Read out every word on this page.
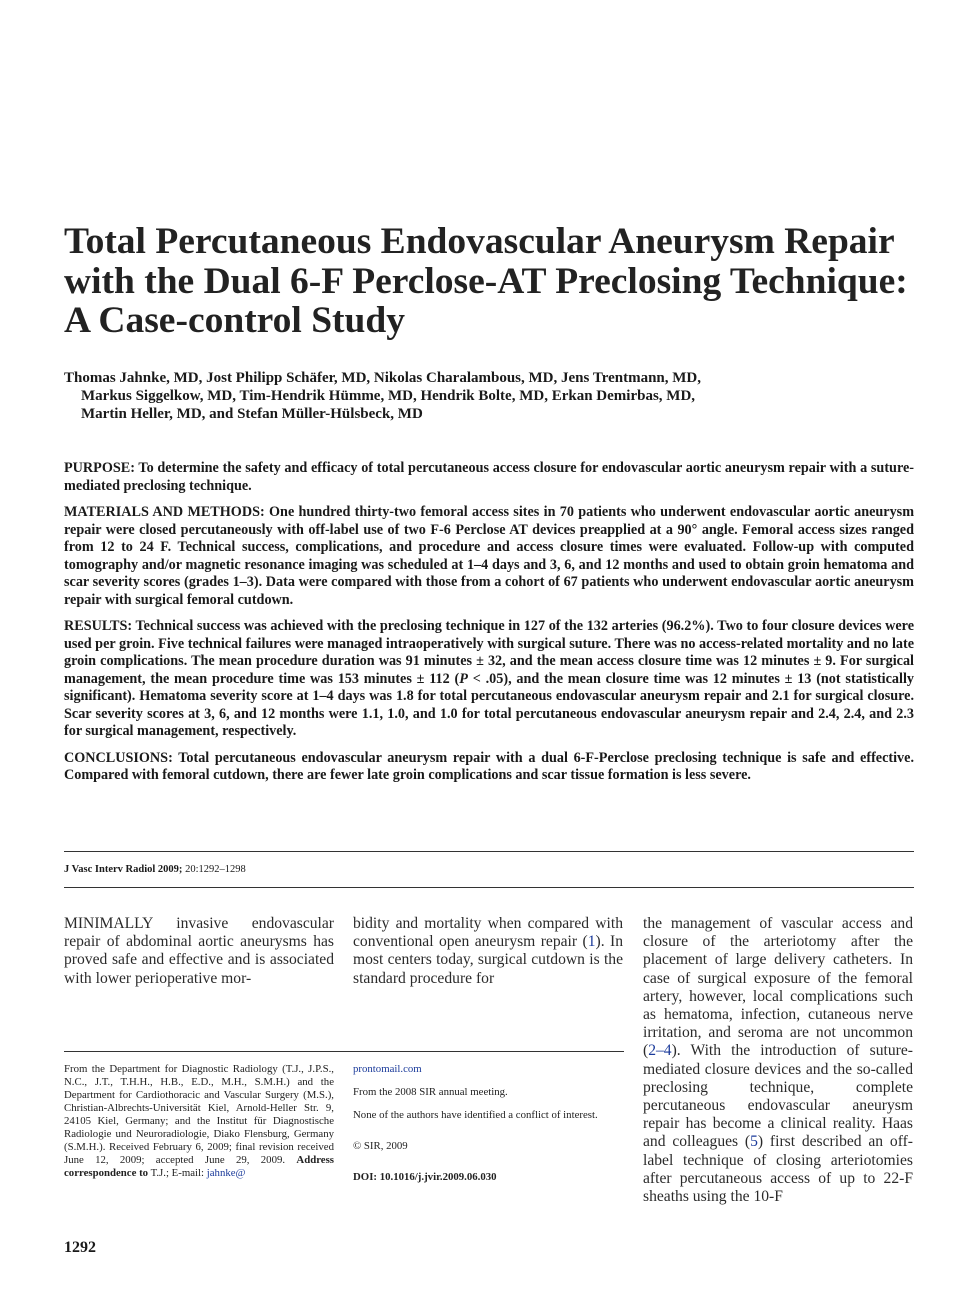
Total Percutaneous Endovascular Aneurysm Repair with the Dual 6-F Perclose-AT Preclosing Technique: A Case-control Study
Thomas Jahnke, MD, Jost Philipp Schäfer, MD, Nikolas Charalambous, MD, Jens Trentmann, MD,
Markus Siggelkow, MD, Tim-Hendrik Hümme, MD, Hendrik Bolte, MD, Erkan Demirbas, MD,
Martin Heller, MD, and Stefan Müller-Hülsbeck, MD

PURPOSE: To determine the safety and efficacy of total percutaneous access closure for endovascular aortic aneurysm repair with a suture-mediated preclosing technique.

MATERIALS AND METHODS: One hundred thirty-two femoral access sites in 70 patients who underwent endovascular aortic aneurysm repair were closed percutaneously with off-label use of two F-6 Perclose AT devices preapplied at a 90° angle. Femoral access sizes ranged from 12 to 24 F. Technical success, complications, and procedure and access closure times were evaluated. Follow-up with computed tomography and/or magnetic resonance imaging was scheduled at 1–4 days and 3, 6, and 12 months and used to obtain groin hematoma and scar severity scores (grades 1–3). Data were compared with those from a cohort of 67 patients who underwent endovascular aortic aneurysm repair with surgical femoral cutdown.

RESULTS: Technical success was achieved with the preclosing technique in 127 of the 132 arteries (96.2%). Two to four closure devices were used per groin. Five technical failures were managed intraoperatively with surgical suture. There was no access-related mortality and no late groin complications. The mean procedure duration was 91 minutes ± 32, and the mean access closure time was 12 minutes ± 9. For surgical management, the mean procedure time was 153 minutes ± 112 (P < .05), and the mean closure time was 12 minutes ± 13 (not statistically significant). Hematoma severity score at 1–4 days was 1.8 for total percutaneous endovascular aneurysm repair and 2.1 for surgical closure. Scar severity scores at 3, 6, and 12 months were 1.1, 1.0, and 1.0 for total percutaneous endovascular aneurysm repair and 2.4, 2.4, and 2.3 for surgical management, respectively.

CONCLUSIONS: Total percutaneous endovascular aneurysm repair with a dual 6-F-Perclose preclosing technique is safe and effective. Compared with femoral cutdown, there are fewer late groin complications and scar tissue formation is less severe.

J Vasc Interv Radiol 2009; 20:1292–1298

MINIMALLY invasive endovascular repair of abdominal aortic aneurysms has proved safe and effective and is associated with lower perioperative mor-

bidity and mortality when compared with conventional open aneurysm repair (1). In most centers today, surgical cutdown is the standard procedure for

the management of vascular access and closure of the arteriotomy after the placement of large delivery catheters. In case of surgical exposure of the femoral artery, however, local complications such as hematoma, infection, cutaneous nerve irritation, and seroma are not uncommon (2–4). With the introduction of suture-mediated closure devices and the so-called preclosing technique, complete percutaneous endovascular aneurysm repair has become a clinical reality. Haas and colleagues (5) first described an off-label technique of closing arteriotomies after percutaneous access of up to 22-F sheaths using the 10-F

From the Department for Diagnostic Radiology (T.J., J.P.S., N.C., J.T., T.H.H., H.B., E.D., M.H., S.M.H.) and the Department for Cardiothoracic and Vascular Surgery (M.S.), Christian-Albrechts-Universität Kiel, Arnold-Heller Str. 9, 24105 Kiel, Germany; and the Institut für Diagnostische Radiologie und Neuroradiologie, Diako Flensburg, Germany (S.M.H.). Received February 6, 2009; final revision received June 12, 2009; accepted June 29, 2009. Address correspondence to T.J.; E-mail: jahnke@

prontomail.com

From the 2008 SIR annual meeting.

None of the authors have identified a conflict of interest.

© SIR, 2009

DOI: 10.1016/j.jvir.2009.06.030

1292
